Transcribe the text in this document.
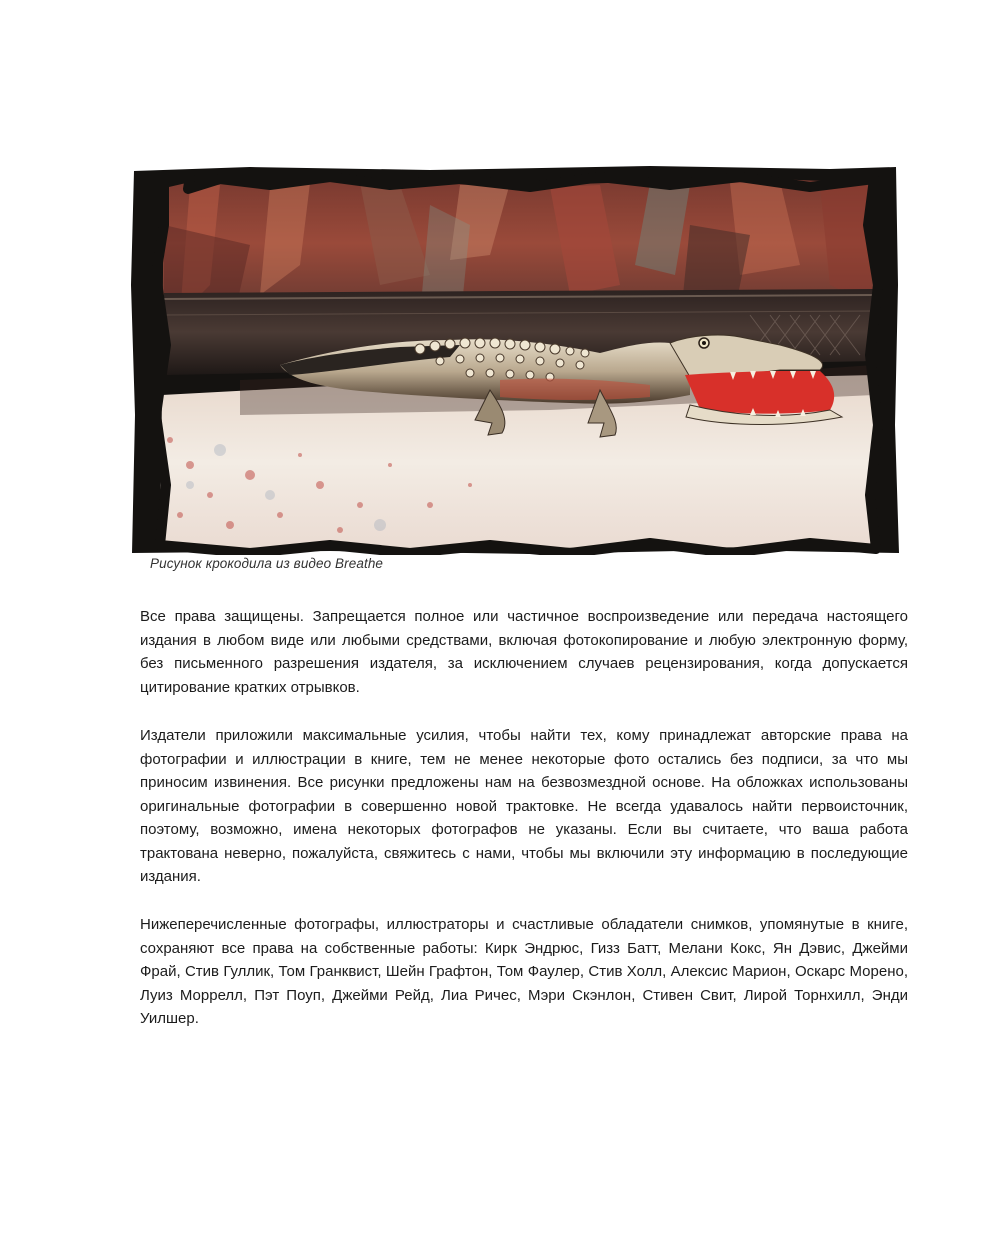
Рисунок крокодила из видео Breathe

Все права защищены. Запрещается полное или частичное воспроизведение или передача настоящего издания в любом виде или любыми средствами, включая фотокопирование и любую электронную форму, без письменного разрешения издателя, за исключением случаев рецензирования, когда допускается цитирование кратких отрывков.

Издатели приложили максимальные усилия, чтобы найти тех, кому принадлежат авторские права на фотографии и иллюстрации в книге, тем не менее некоторые фото остались без подписи, за что мы приносим извинения. Все рисунки предложены нам на безвозмездной основе. На обложках использованы оригинальные фотографии в совершенно новой трактовке. Не всегда удавалось найти первоисточник, поэтому, возможно, имена некоторых фотографов не указаны. Если вы считаете, что ваша работа трактована неверно, пожалуйста, свяжитесь с нами, чтобы мы включили эту информацию в последующие издания.

Нижеперечисленные фотографы, иллюстраторы и счастливые обладатели снимков, упомянутые в книге, сохраняют все права на собственные работы: Кирк Эндрюс, Гизз Батт, Мелани Кокс, Ян Дэвис, Джейми Фрай, Стив Гуллик, Том Гранквист, Шейн Графтон, Том Фаулер, Стив Холл, Алексис Марион, Оскарс Морено, Луиз Моррелл, Пэт Поуп, Джейми Рейд, Лиа Ричес, Мэри Скэнлон, Стивен Свит, Лирой Торнхилл, Энди Уилшер.
